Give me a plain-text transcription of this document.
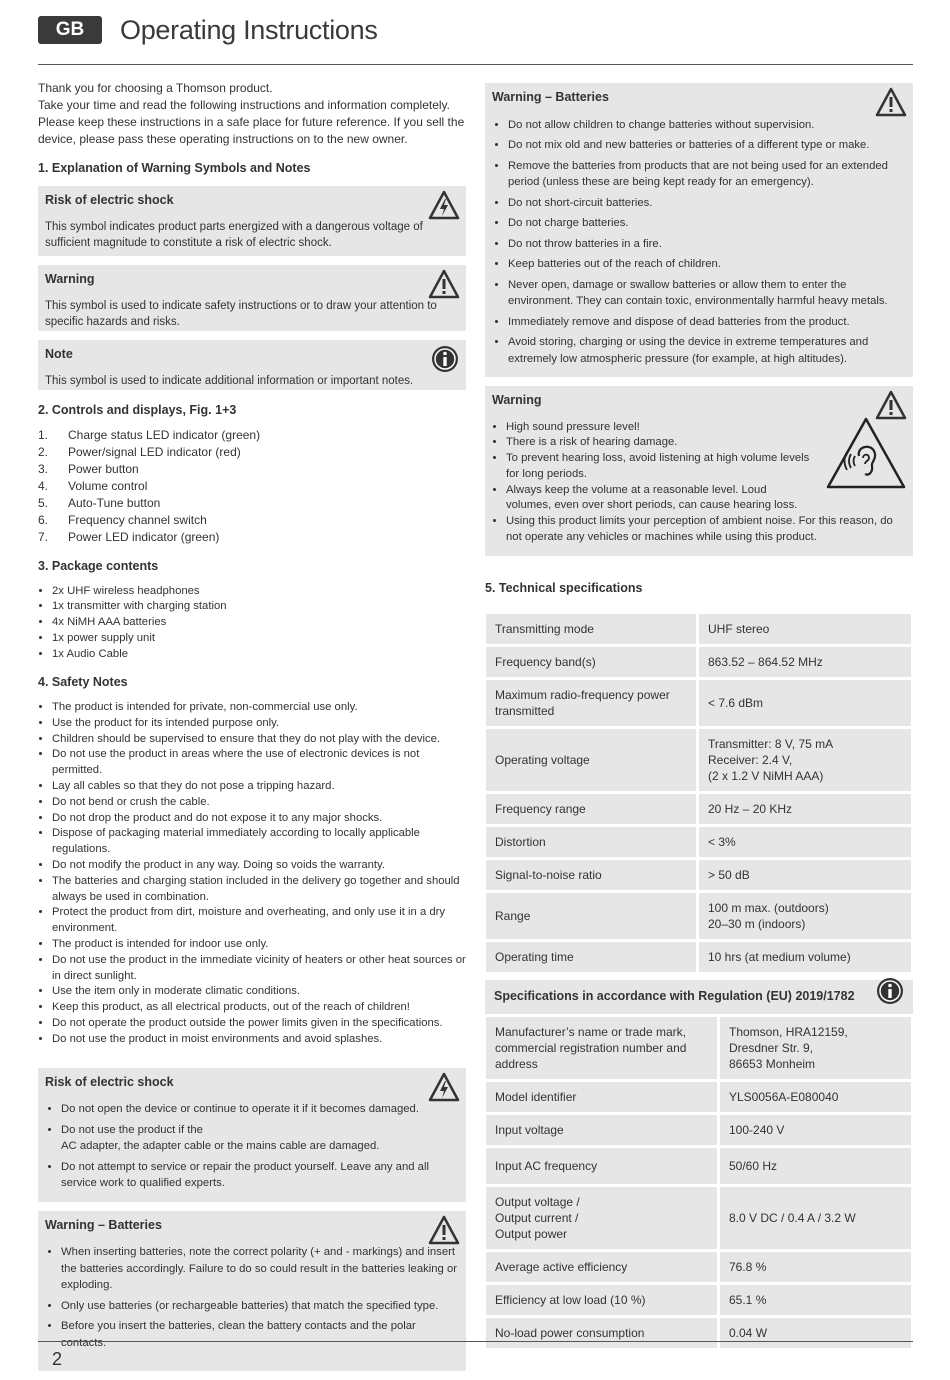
GB	Operating Instructions

Thank you for choosing a Thomson product.
Take your time and read the following instructions and information completely. Please keep these instructions in a safe place for future reference. If you sell the device, please pass these operating instructions on to the new owner.

1. Explanation of Warning Symbols and Notes
Risk of electric shock

This symbol indicates product parts energized with a dangerous voltage of sufficient magnitude to constitute a risk of electric shock.

Warning

This symbol is used to indicate safety instructions or to draw your attention to specific hazards and risks.

Note

This symbol is used to indicate additional information or important notes.

2. Controls and displays, Fig. 1+3
1.	Charge status LED indicator (green)
2.	Power/signal LED indicator (red)
3.	Power button
4.	Volume control
5.	Auto-Tune button
6.	Frequency channel switch
7.	Power LED indicator (green)
3. Package contents
• 2x UHF wireless headphones
• 1x transmitter with charging station
• 4x NiMH AAA batteries
• 1x power supply unit
• 1x Audio Cable
4. Safety Notes
• The product is intended for private, non-commercial use only.
• Use the product for its intended purpose only.
• Children should be supervised to ensure that they do not play with the device.
• Do not use the product in areas where the use of electronic devices is not permitted.
• Lay all cables so that they do not pose a tripping hazard.
• Do not bend or crush the cable.
• Do not drop the product and do not expose it to any major shocks.
• Dispose of packaging material immediately according to locally applicable regulations.
• Do not modify the product in any way. Doing so voids the warranty.
• The batteries and charging station included in the delivery go together and should always be used in combination.
• Protect the product from dirt, moisture and overheating, and only use it in a dry environment.
• The product is intended for indoor use only.
• Do not use the product in the immediate vicinity of heaters or other heat sources or in direct sunlight.
• Use the item only in moderate climatic conditions.
• Keep this product, as all electrical products, out of the reach of children!
• Do not operate the product outside the power limits given in the specifications.
• Do not use the product in moist environments and avoid splashes.
Risk of electric shock
• Do not open the device or continue to operate it if it becomes damaged.
• Do not use the product if the
AC adapter, the adapter cable or the mains cable are damaged.
• Do not attempt to service or repair the product yourself. Leave any and all service work to qualified experts.
Warning – Batteries
• When inserting batteries, note the correct polarity (+ and - markings) and insert the batteries accordingly. Failure to do so could result in the batteries leaking or exploding.
• Only use batteries (or rechargeable batteries) that match the specified type.
• Before you insert the batteries, clean the battery contacts and the polar contacts.
Warning – Batteries
• Do not allow children to change batteries without supervision.
• Do not mix old and new batteries or batteries of a different type or make.
• Remove the batteries from products that are not being used for an extended period (unless these are being kept ready for an emergency).
• Do not short-circuit batteries.
• Do not charge batteries.
• Do not throw batteries in a fire.
• Keep batteries out of the reach of children.
• Never open, damage or swallow batteries or allow them to enter the environment. They can contain toxic, environmentally harmful heavy metals.
• Immediately remove and dispose of dead batteries from the product.
• Avoid storing, charging or using the device in extreme temperatures and extremely low atmospheric pressure (for example, at high altitudes).
Warning
• High sound pressure level!
• There is a risk of hearing damage.
• To prevent hearing loss, avoid listening at high volume levels for long periods.
• Always keep the volume at a reasonable level. Loud volumes, even over short periods, can cause hearing loss.
• Using this product limits your perception of ambient noise. For this reason, do not operate any vehicles or machines while using this product.
5. Technical specifications
Transmitting mode	UHF stereo
Frequency band(s)	863.52 – 864.52 MHz
Maximum radio-frequency power transmitted	< 7.6 dBm
Operating voltage	Transmitter: 8 V, 75 mA
Receiver: 2.4 V,
(2 x 1.2 V NiMH AAA)
Frequency range	20 Hz – 20 KHz
Distortion	< 3%
Signal-to-noise ratio	> 50 dB
Range	100 m max. (outdoors)
20–30 m (indoors)
Operating time	10 hrs (at medium volume)
Specifications in accordance with Regulation (EU) 2019/1782
Manufacturer’s name or trade mark, commercial registration number and address	Thomson, HRA12159,
Dresdner Str. 9,
86653 Monheim
Model identifier	YLS0056A-E080040
Input voltage	100-240 V
Input AC frequency	50/60 Hz
Output voltage /
Output current /
Output power	8.0 V DC / 0.4 A / 3.2 W
Average active efficiency	76.8 %
Efficiency at low load (10 %)	65.1 %
No-load power consumption	0.04 W
2
